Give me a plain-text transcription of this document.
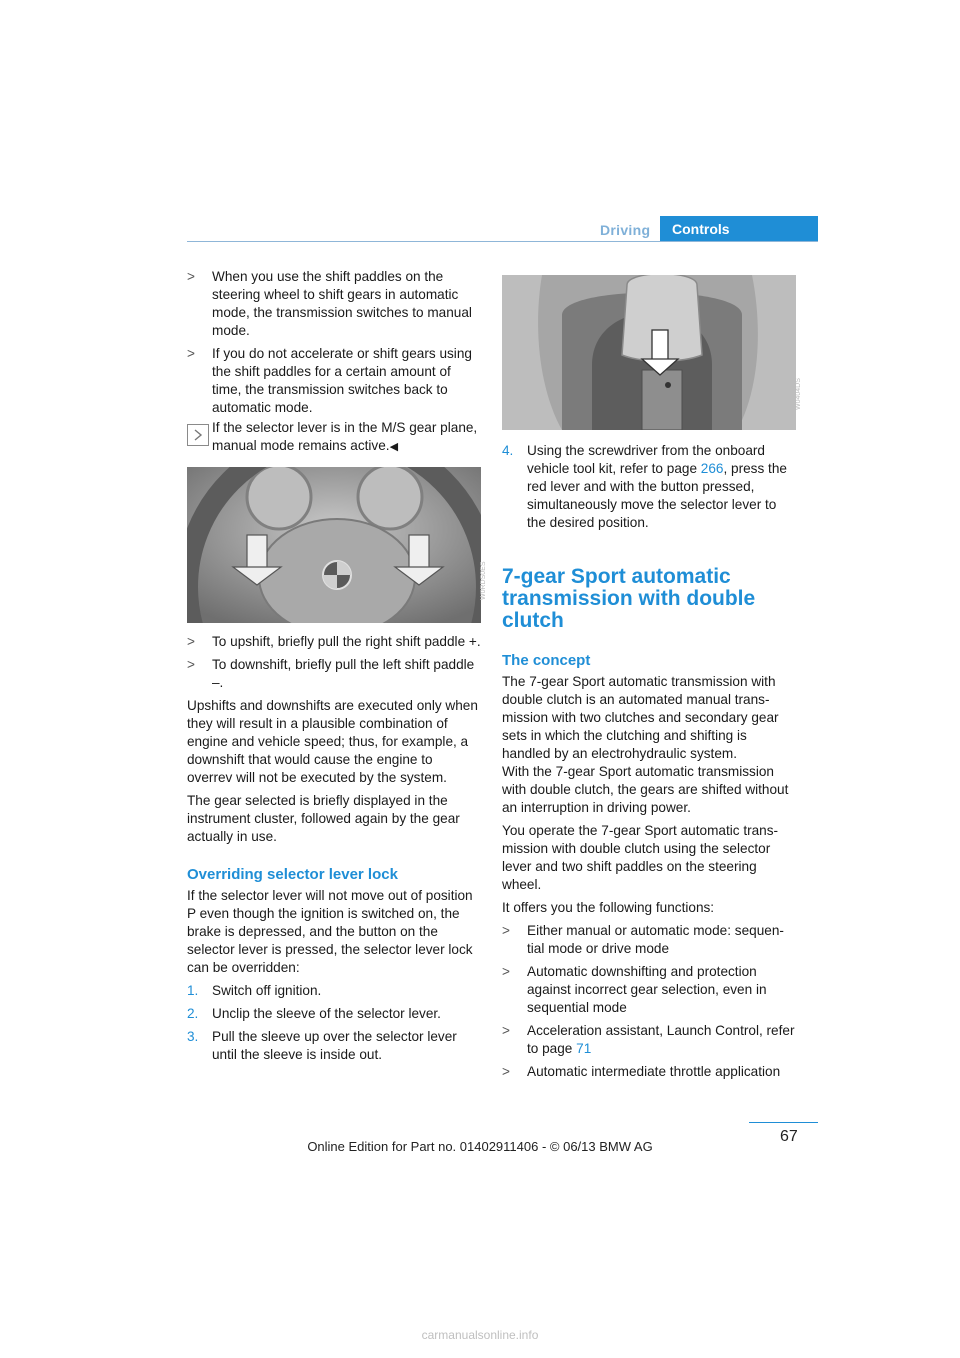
Driving	Controls

> When you use the shift paddles on the steering wheel to shift gears in automatic mode, the transmission switches to manual mode.

> If you do not accelerate or shift gears using the shift paddles for a certain amount of time, the transmission switches back to automatic mode.

If the selector lever is in the M/S gear plane, manual mode remains active.◀
W0RDS0ES

> To upshift, briefly pull the right shift paddle +.

> To downshift, briefly pull the left shift paddle –.

Upshifts and downshifts are executed only when they will result in a plausible combination of engine and vehicle speed; thus, for example, a downshift that would cause the engine to overrev will not be executed by the system.

The gear selected is briefly displayed in the instrument cluster, followed again by the gear actually in use.

Overriding selector lever lock

If the selector lever will not move out of position P even though the ignition is switched on, the brake is depressed, and the button on the selector lever is pressed, the selector lever lock can be overridden:

1. Switch off ignition.

2. Unclip the sleeve of the selector lever.

3. Pull the sleeve up over the selector lever until the sleeve is inside out.

W0404DS

4. Using the screwdriver from the onboard vehicle tool kit, refer to page 266, press the red lever and with the button pressed, simultaneously move the selector lever to the desired position.

7-gear Sport automatic transmission with double clutch
The concept

The 7-gear Sport automatic transmission with double clutch is an automated manual trans-mission with two clutches and secondary gear sets in which the clutching and shifting is handled by an electrohydraulic system.

With the 7-gear Sport automatic transmission with double clutch, the gears are shifted without an interruption in driving power.

You operate the 7-gear Sport automatic trans-mission with double clutch using the selector lever and two shift paddles on the steering wheel.

It offers you the following functions:

> Either manual or automatic mode: sequen-tial mode or drive mode

> Automatic downshifting and protection against incorrect gear selection, even in sequential mode

> Acceleration assistant, Launch Control, refer to page 71

> Automatic intermediate throttle application

67
Online Edition for Part no. 01402911406 - © 06/13 BMW AG
carmanualsonline.info
